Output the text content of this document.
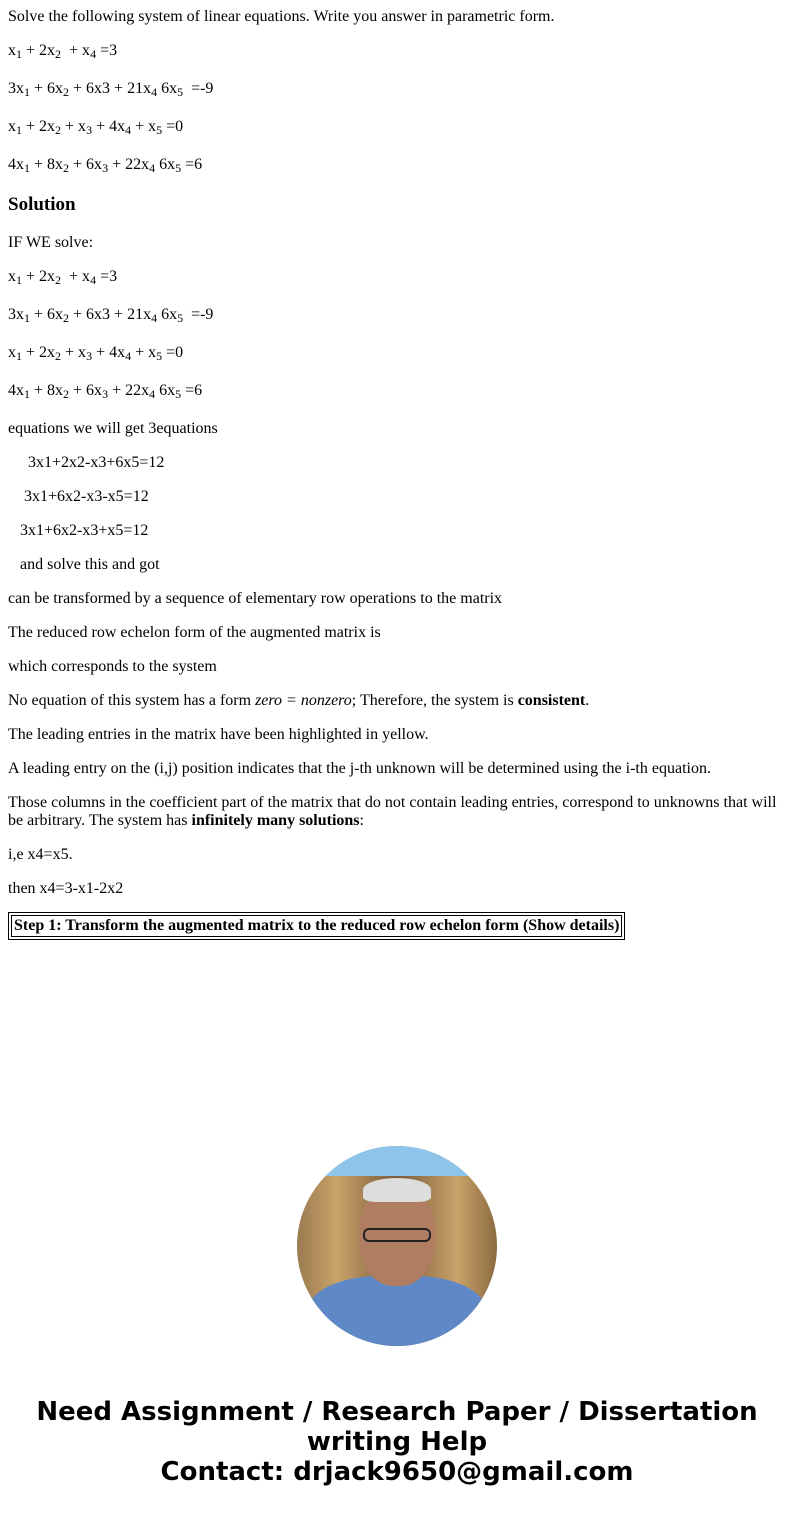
Solve the following system of linear equations. Write you answer in parametric form.

$x_1 + 2x_2 + x_4 =3$

$3x_1 + 6x_2 + 6x3 + 21x_4$ $6x_5 =-9$

$x_1 + 2x_2 + x_3 + 4x_4 + x_5 =0$

$4x_1 + 8x_2 + 6x_3 + 22x_4$ $6x_5 =6$

Solution

IF WE solve:

$x_1 + 2x_2 + x_4 =3$

$3x_1 + 6x_2 + 6x3 + 21x_4$ $6x_5 =-9$

$x_1 + 2x_2 + x_3 + 4x_4 + x_5 =0$

$4x_1 + 8x_2 + 6x_3 + 22x_4$ $6x_5 =6$

equations we will get 3equations

3x1+2x2-x3+6x5=12

3x1+6x2-x3-x5=12

3x1+6x2-x3+x5=12

and solve this and got

can be transformed by a sequence of elementary row operations to the matrix

The reduced row echelon form of the augmented matrix is

which corresponds to the system

No equation of this system has a form zero = nonzero; Therefore, the system is consistent.

The leading entries in the matrix have been highlighted in yellow.

A leading entry on the (i,j) position indicates that the j-th unknown will be determined using the i-th equation.

Those columns in the coefficient part of the matrix that do not contain leading entries, correspond to unknowns that will be arbitrary. The system has infinitely many solutions:

i,e x4=x5.

then x4=3-x1-2x2

Step 1: Transform the augmented matrix to the reduced row echelon form (Show details)
Need Assignment / Research Paper / Dissertation writing Help
Contact: drjack9650@gmail.com
